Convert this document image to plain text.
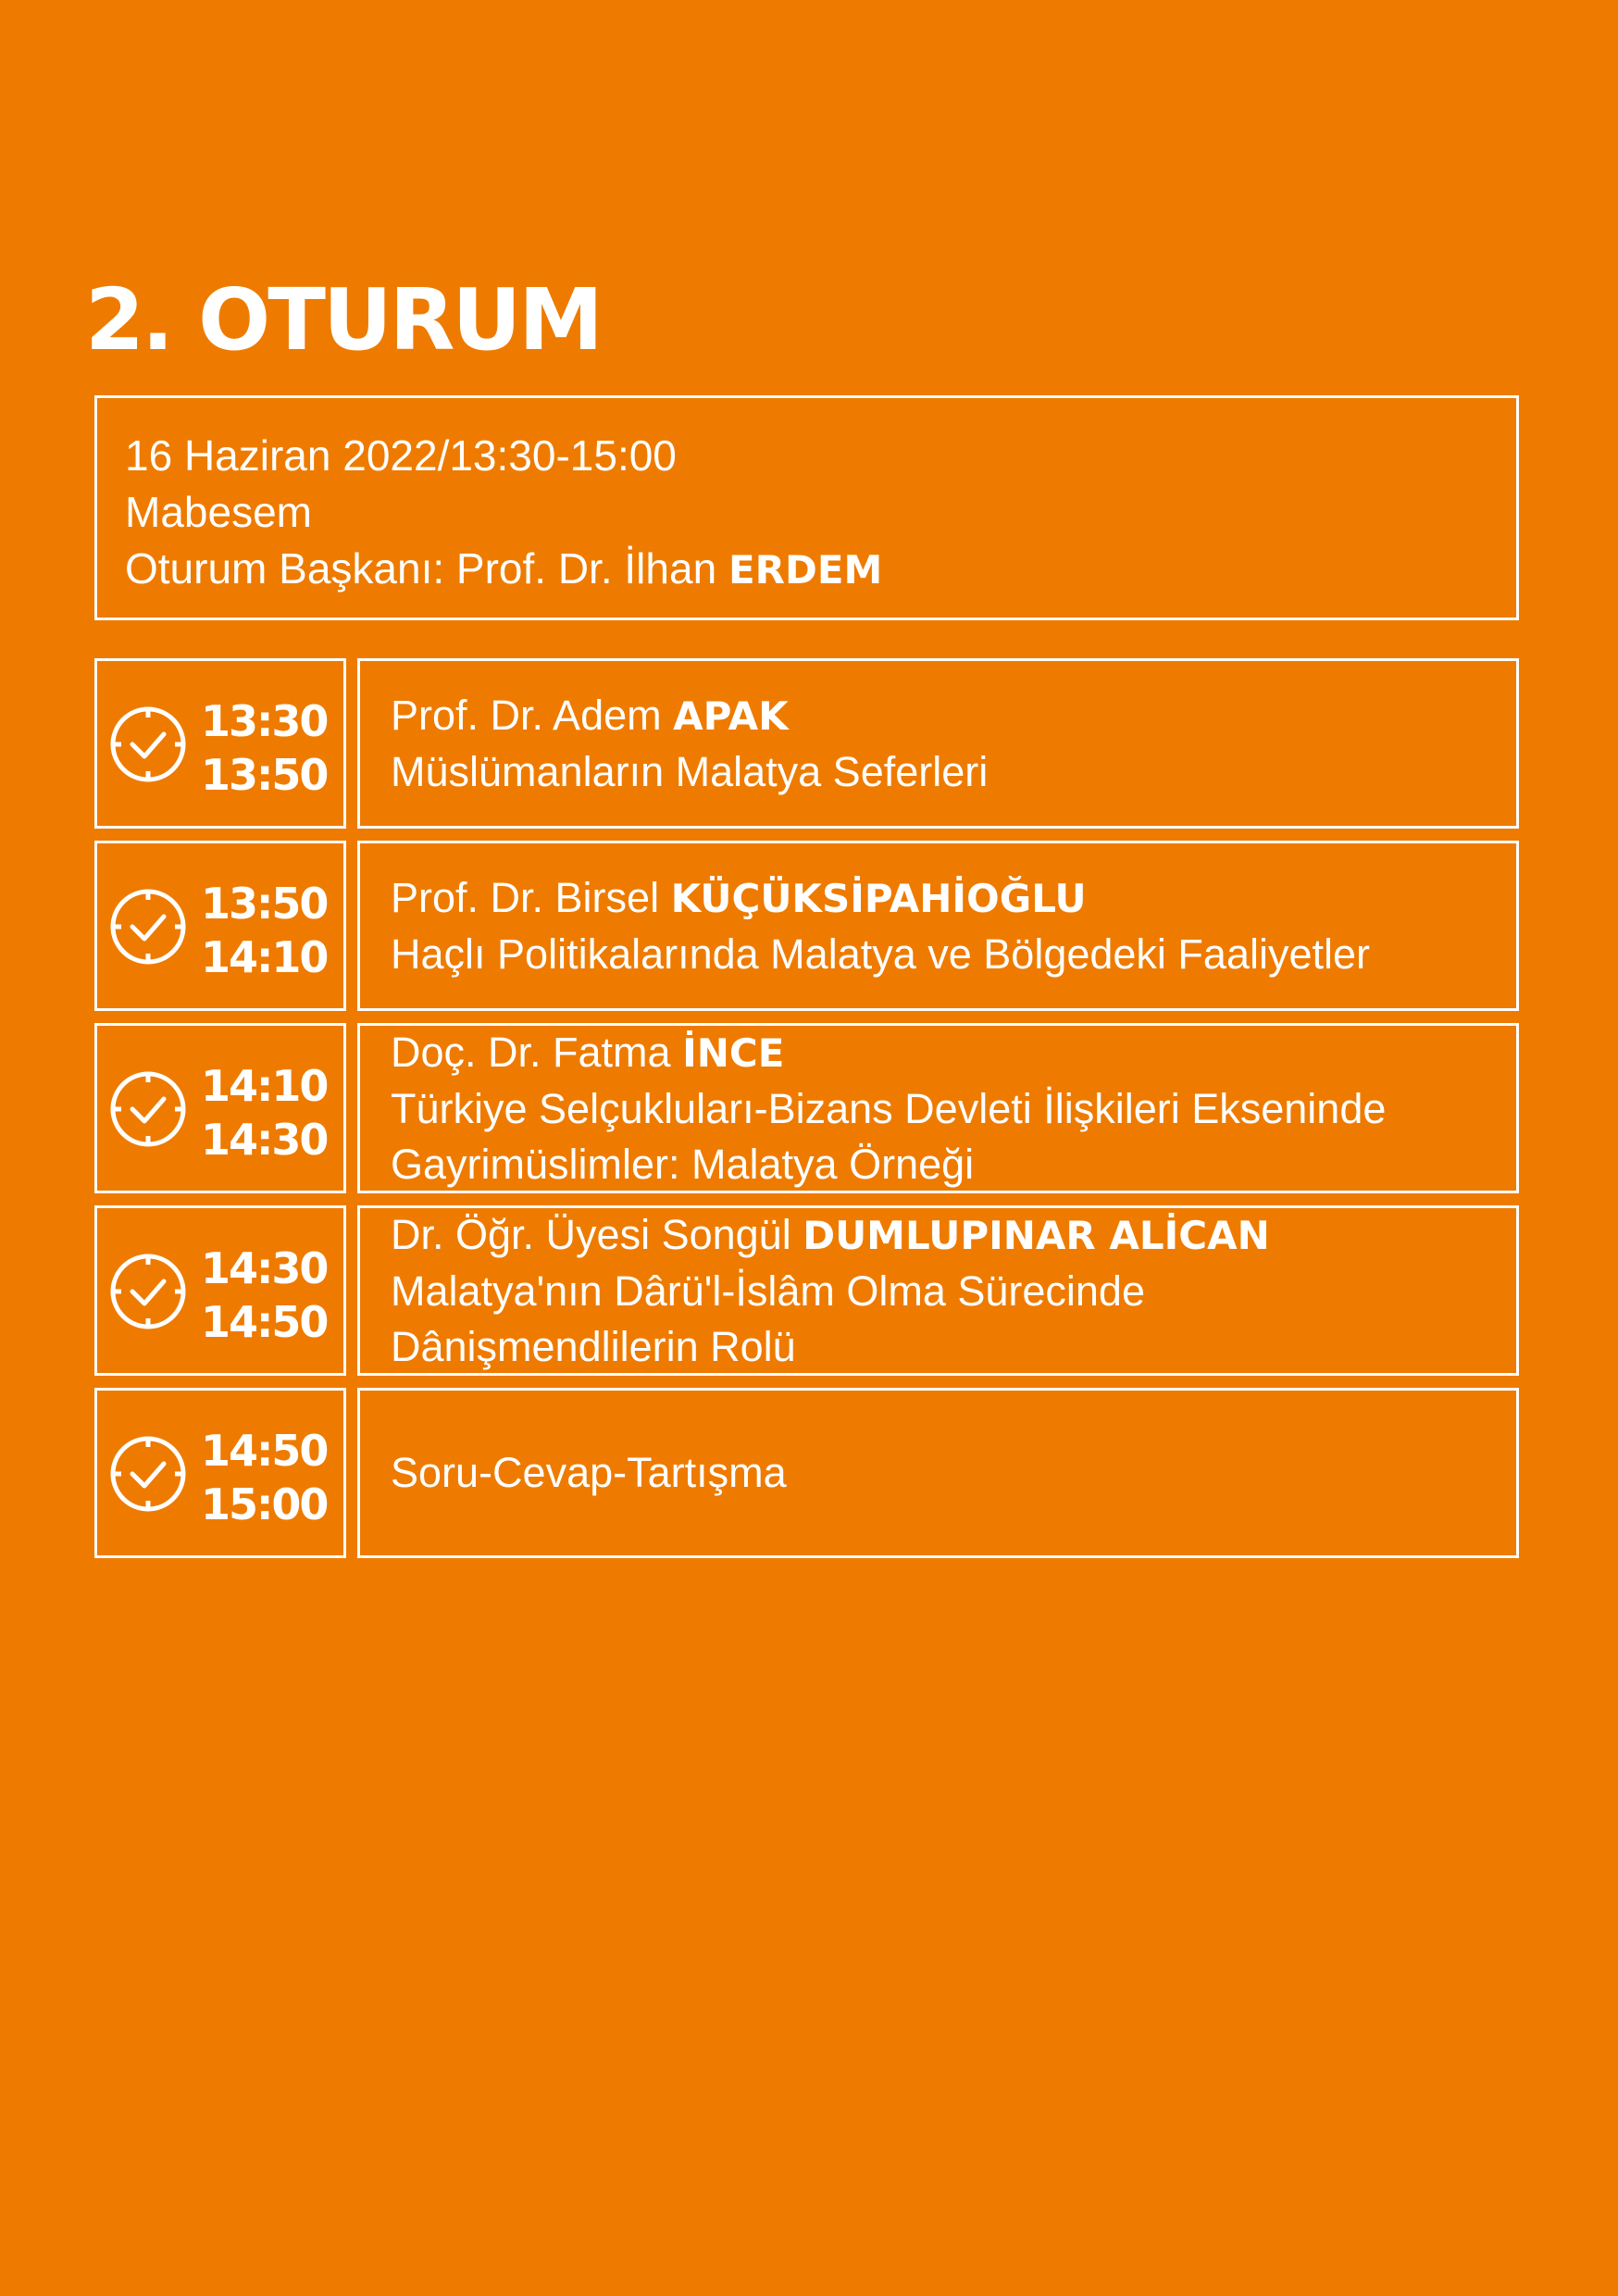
2. OTURUM
16 Haziran 2022/13:30-15:00
Mabesem
Oturum Başkanı: Prof. Dr. İlhan ERDEM
13:30
13:50
Prof. Dr. Adem APAK
Müslümanların Malatya Seferleri
13:50
14:10
Prof. Dr. Birsel KÜÇÜKSİPAHİOĞLU
Haçlı Politikalarında Malatya ve Bölgedeki Faaliyetler
14:10
14:30
Doç. Dr. Fatma İNCE
Türkiye Selçukluları-Bizans Devleti İlişkileri Ekseninde
Gayrimüslimler: Malatya Örneği
14:30
14:50
Dr. Öğr. Üyesi Songül DUMLUPINAR ALİCAN
Malatya'nın Dârü'l-İslâm Olma Sürecinde
Dânişmendlilerin Rolü
14:50
15:00
Soru-Cevap-Tartışma
